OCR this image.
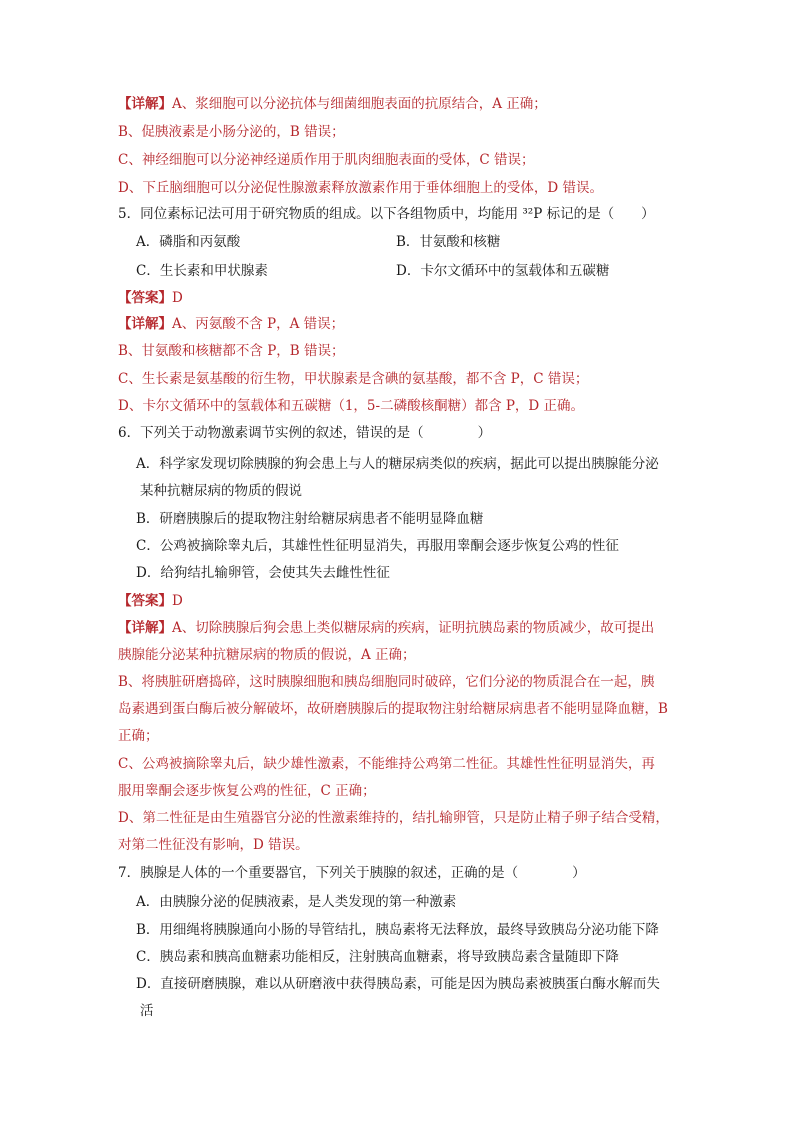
【详解】A、浆细胞可以分泌抗体与细菌细胞表面的抗原结合，A 正确；
B、促胰液素是小肠分泌的，B 错误；
C、神经细胞可以分泌神经递质作用于肌肉细胞表面的受体，C 错误；
D、下丘脑细胞可以分泌促性腺激素释放激素作用于垂体细胞上的受体，D 错误。
5．同位素标记法可用于研究物质的组成。以下各组物质中，均能用 ³²P 标记的是（　　）
A．磷脂和丙氨酸	B．甘氨酸和核糖
C．生长素和甲状腺素	D．卡尔文循环中的氢载体和五碳糖
【答案】D
【详解】A、丙氨酸不含 P，A 错误；
B、甘氨酸和核糖都不含 P，B 错误；
C、生长素是氨基酸的衍生物，甲状腺素是含碘的氨基酸，都不含 P，C 错误；
D、卡尔文循环中的氢载体和五碳糖（1，5-二磷酸核酮糖）都含 P，D 正确。
6．下列关于动物激素调节实例的叙述，错误的是（　　　　）
A．科学家发现切除胰腺的狗会患上与人的糖尿病类似的疾病，据此可以提出胰腺能分泌
某种抗糖尿病的物质的假说
B．研磨胰腺后的提取物注射给糖尿病患者不能明显降血糖
C．公鸡被摘除睾丸后，其雄性性征明显消失，再服用睾酮会逐步恢复公鸡的性征
D．给狗结扎输卵管，会使其失去雌性性征
【答案】D
【详解】A、切除胰腺后狗会患上类似糖尿病的疾病，证明抗胰岛素的物质减少，故可提出
胰腺能分泌某种抗糖尿病的物质的假说，A 正确；
B、将胰脏研磨捣碎，这时胰腺细胞和胰岛细胞同时破碎，它们分泌的物质混合在一起，胰
岛素遇到蛋白酶后被分解破坏，故研磨胰腺后的提取物注射给糖尿病患者不能明显降血糖，B
正确；
C、公鸡被摘除睾丸后，缺少雄性激素，不能维持公鸡第二性征。其雄性性征明显消失，再
服用睾酮会逐步恢复公鸡的性征，C 正确；
D、第二性征是由生殖器官分泌的性激素维持的，结扎输卵管，只是防止精子卵子结合受精，
对第二性征没有影响，D 错误。
7．胰腺是人体的一个重要器官，下列关于胰腺的叙述，正确的是（　　　　）
A．由胰腺分泌的促胰液素，是人类发现的第一种激素
B．用细绳将胰腺通向小肠的导管结扎，胰岛素将无法释放，最终导致胰岛分泌功能下降
C．胰岛素和胰高血糖素功能相反，注射胰高血糖素，将导致胰岛素含量随即下降
D．直接研磨胰腺，难以从研磨液中获得胰岛素，可能是因为胰岛素被胰蛋白酶水解而失
活
